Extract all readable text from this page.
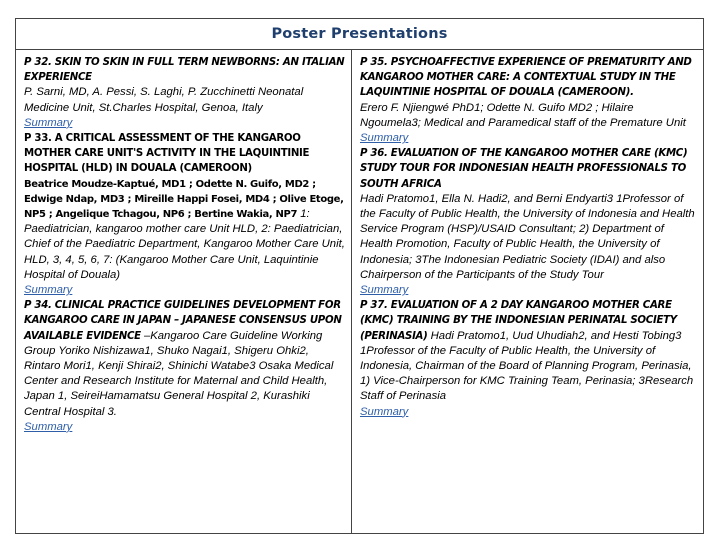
Poster Presentations

P 32. SKIN TO SKIN IN FULL TERM NEWBORNS: AN ITALIAN EXPERIENCE
P. Sarni, MD, A. Pessi, S. Laghi, P. Zucchinetti Neonatal Medicine Unit, St.Charles Hospital, Genoa, Italy
Summary

P 33. A CRITICAL ASSESSMENT OF THE KANGAROO MOTHER CARE UNIT'S ACTIVITY IN THE LAQUINTINIE HOSPITAL (HLD) IN DOUALA (CAMEROON)
Beatrice Moudze-Kaptué, MD1 ; Odette N. Guifo, MD2 ; Edwige Ndap, MD3 ; Mireille Happi Fosei, MD4 ; Olive Etoge, NP5 ; Angelique Tchagou, NP6 ; Bertine Wakia, NP7 1: Paediatrician, kangaroo mother care Unit HLD, 2: Paediatrician, Chief of the Paediatric Department, Kangaroo Mother Care Unit, HLD, 3, 4, 5, 6, 7: (Kangaroo Mother Care Unit, Laquintinie Hospital of Douala)
Summary

P 34. CLINICAL PRACTICE GUIDELINES DEVELOPMENT FOR KANGAROO CARE IN JAPAN – JAPANESE CONSENSUS UPON AVAILABLE EVIDENCE –Kangaroo Care Guideline Working Group Yoriko Nishizawa1, Shuko Nagai1, Shigeru Ohki2, Rintaro Mori1, Kenji Shirai2, Shinichi Watabe3 Osaka Medical Center and Research Institute for Maternal and Child Health, Japan 1, SeireiHamamatsu General Hospital 2, Kurashiki Central Hospital 3.
Summary

P 35. PSYCHOAFFECTIVE EXPERIENCE OF PREMATURITY AND KANGAROO MOTHER CARE: A CONTEXTUAL STUDY IN THE LAQUINTINIE HOSPITAL OF DOUALA (CAMEROON).
Erero F. Njiengwé PhD1; Odette N. Guifo MD2 ; Hilaire Ngoumela3; Medical and Paramedical staff of the Premature Unit
Summary

P 36. EVALUATION OF THE KANGAROO MOTHER CARE (KMC) STUDY TOUR FOR INDONESIAN HEALTH PROFESSIONALS TO SOUTH AFRICA
Hadi Pratomo1, Ella N. Hadi2, and Berni Endyarti3 1Professor of the Faculty of Public Health, the University of Indonesia and Health Service Program (HSP)/USAID Consultant; 2) Department of Health Promotion, Faculty of Public Health, the University of Indonesia; 3The Indonesian Pediatric Society (IDAI) and also Chairperson of the Participants of the Study Tour
Summary

P 37. EVALUATION OF A 2 DAY KANGAROO MOTHER CARE (KMC) TRAINING BY THE INDONESIAN PERINATAL SOCIETY (PERINASIA) Hadi Pratomo1, Uud Uhudiah2, and Hesti Tobing3 1Professor of the Faculty of Public Health, the University of Indonesia, Chairman of the Board of Planning Program, Perinasia, 1) Vice-Chairperson for KMC Training Team, Perinasia; 3Research Staff of Perinasia
Summary
